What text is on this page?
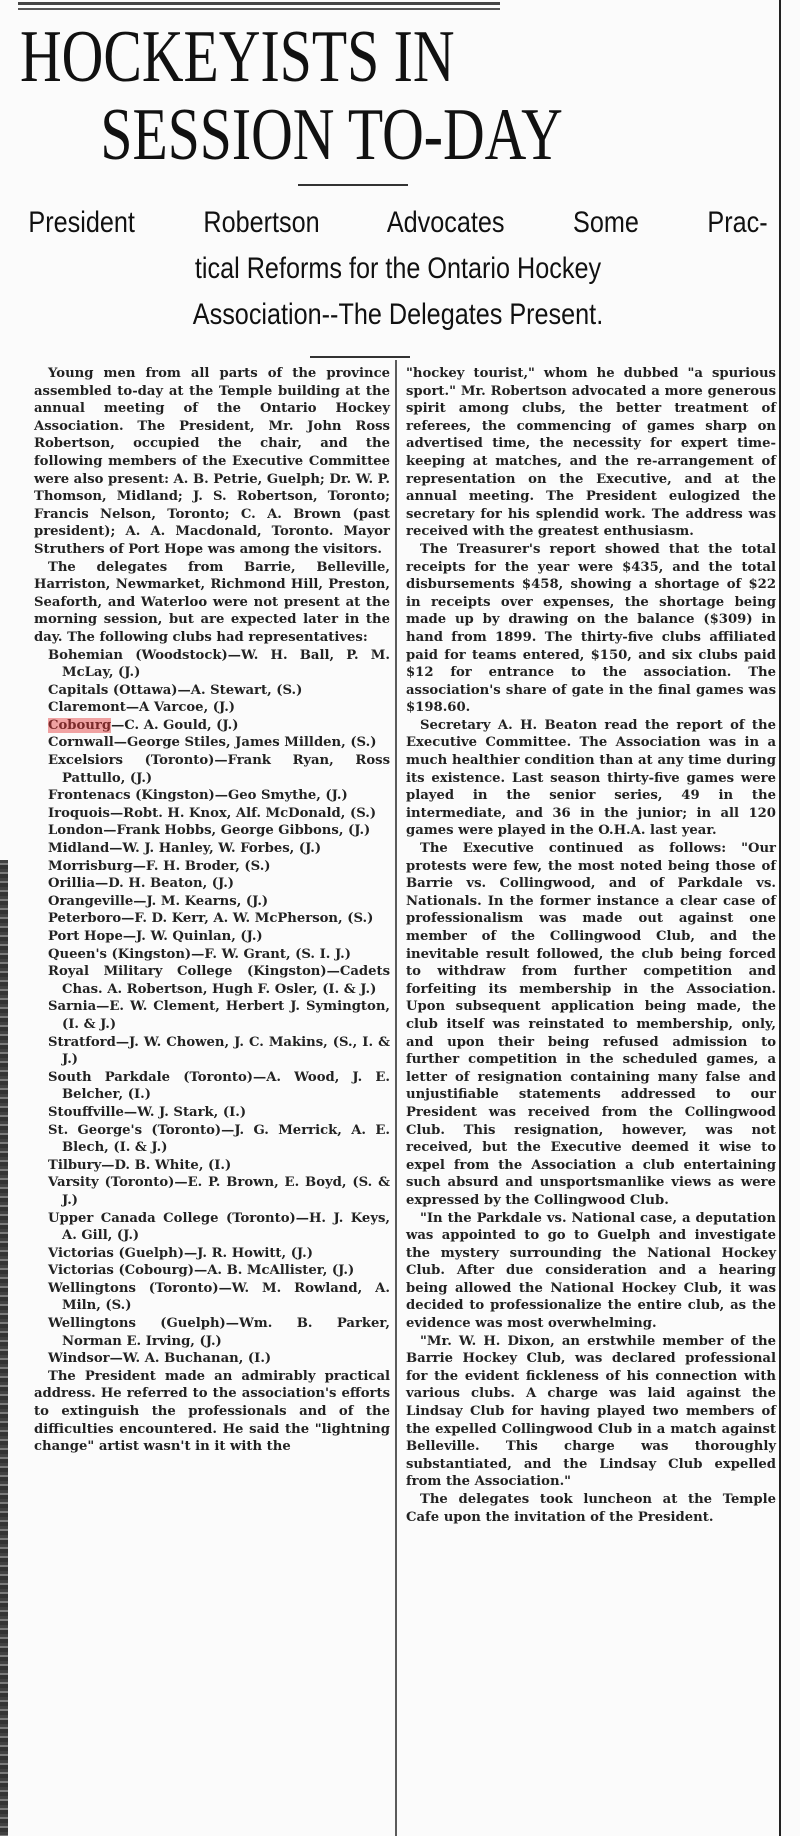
HOCKEYISTS IN
SESSION TO-DAY
President Robertson Advocates Some Prac-
tical Reforms for the Ontario Hockey
Association--The Delegates Present.

Young men from all parts of the province assembled to-day at the Temple building at the annual meeting of the Ontario Hockey Association. The President, Mr. John Ross Robertson, occupied the chair, and the following members of the Executive Committee were also present: A. B. Petrie, Guelph; Dr. W. P. Thomson, Midland; J. S. Robertson, Toronto; Francis Nelson, Toronto; C. A. Brown (past president); A. A. Macdonald, Toronto. Mayor Struthers of Port Hope was among the visitors.

The delegates from Barrie, Belleville, Harriston, Newmarket, Richmond Hill, Preston, Seaforth, and Waterloo were not present at the morning session, but are expected later in the day. The following clubs had representatives:

Bohemian (Woodstock)—W. H. Ball, P. M. McLay, (J.)

Capitals (Ottawa)—A. Stewart, (S.)

Claremont—A Varcoe, (J.)

Cobourg—C. A. Gould, (J.)

Cornwall—George Stiles, James Millden, (S.)

Excelsiors (Toronto)—Frank Ryan, Ross Pattullo, (J.)

Frontenacs (Kingston)—Geo Smythe, (J.)

Iroquois—Robt. H. Knox, Alf. McDonald, (S.)

London—Frank Hobbs, George Gibbons, (J.)

Midland—W. J. Hanley, W. Forbes, (J.)

Morrisburg—F. H. Broder, (S.)

Orillia—D. H. Beaton, (J.)

Orangeville—J. M. Kearns, (J.)

Peterboro—F. D. Kerr, A. W. McPherson, (S.)

Port Hope—J. W. Quinlan, (J.)

Queen's (Kingston)—F. W. Grant, (S. I. J.)

Royal Military College (Kingston)—Cadets Chas. A. Robertson, Hugh F. Osler, (I. & J.)

Sarnia—E. W. Clement, Herbert J. Symington, (I. & J.)

Stratford—J. W. Chowen, J. C. Makins, (S., I. & J.)

South Parkdale (Toronto)—A. Wood, J. E. Belcher, (I.)

Stouffville—W. J. Stark, (I.)

St. George's (Toronto)—J. G. Merrick, A. E. Blech, (I. & J.)

Tilbury—D. B. White, (I.)

Varsity (Toronto)—E. P. Brown, E. Boyd, (S. & J.)

Upper Canada College (Toronto)—H. J. Keys, A. Gill, (J.)

Victorias (Guelph)—J. R. Howitt, (J.)

Victorias (Cobourg)—A. B. McAllister, (J.)

Wellingtons (Toronto)—W. M. Rowland, A. Miln, (S.)

Wellingtons (Guelph)—Wm. B. Parker, Norman E. Irving, (J.)

Windsor—W. A. Buchanan, (I.)

The President made an admirably practical address. He referred to the association's efforts to extinguish the professionals and of the difficulties encountered. He said the "lightning change" artist wasn't in it with the

"hockey tourist," whom he dubbed "a spurious sport." Mr. Robertson advocated a more generous spirit among clubs, the better treatment of referees, the commencing of games sharp on advertised time, the necessity for expert time-keeping at matches, and the re-arrangement of representation on the Executive, and at the annual meeting. The President eulogized the secretary for his splendid work. The address was received with the greatest enthusiasm.

The Treasurer's report showed that the total receipts for the year were $435, and the total disbursements $458, showing a shortage of $22 in receipts over expenses, the shortage being made up by drawing on the balance ($309) in hand from 1899. The thirty-five clubs affiliated paid for teams entered, $150, and six clubs paid $12 for entrance to the association. The association's share of gate in the final games was $198.60.

Secretary A. H. Beaton read the report of the Executive Committee. The Association was in a much healthier condition than at any time during its existence. Last season thirty-five games were played in the senior series, 49 in the intermediate, and 36 in the junior; in all 120 games were played in the O.H.A. last year.

The Executive continued as follows: "Our protests were few, the most noted being those of Barrie vs. Collingwood, and of Parkdale vs. Nationals. In the former instance a clear case of professionalism was made out against one member of the Collingwood Club, and the inevitable result followed, the club being forced to withdraw from further competition and forfeiting its membership in the Association. Upon subsequent application being made, the club itself was reinstated to membership, only, and upon their being refused admission to further competition in the scheduled games, a letter of resignation containing many false and unjustifiable statements addressed to our President was received from the Collingwood Club. This resignation, however, was not received, but the Executive deemed it wise to expel from the Association a club entertaining such absurd and unsportsmanlike views as were expressed by the Collingwood Club.

"In the Parkdale vs. National case, a deputation was appointed to go to Guelph and investigate the mystery surrounding the National Hockey Club. After due consideration and a hearing being allowed the National Hockey Club, it was decided to professionalize the entire club, as the evidence was most overwhelming.

"Mr. W. H. Dixon, an erstwhile member of the Barrie Hockey Club, was declared professional for the evident fickleness of his connection with various clubs. A charge was laid against the Lindsay Club for having played two members of the expelled Collingwood Club in a match against Belleville. This charge was thoroughly substantiated, and the Lindsay Club expelled from the Association."

The delegates took luncheon at the Temple Cafe upon the invitation of the President.
